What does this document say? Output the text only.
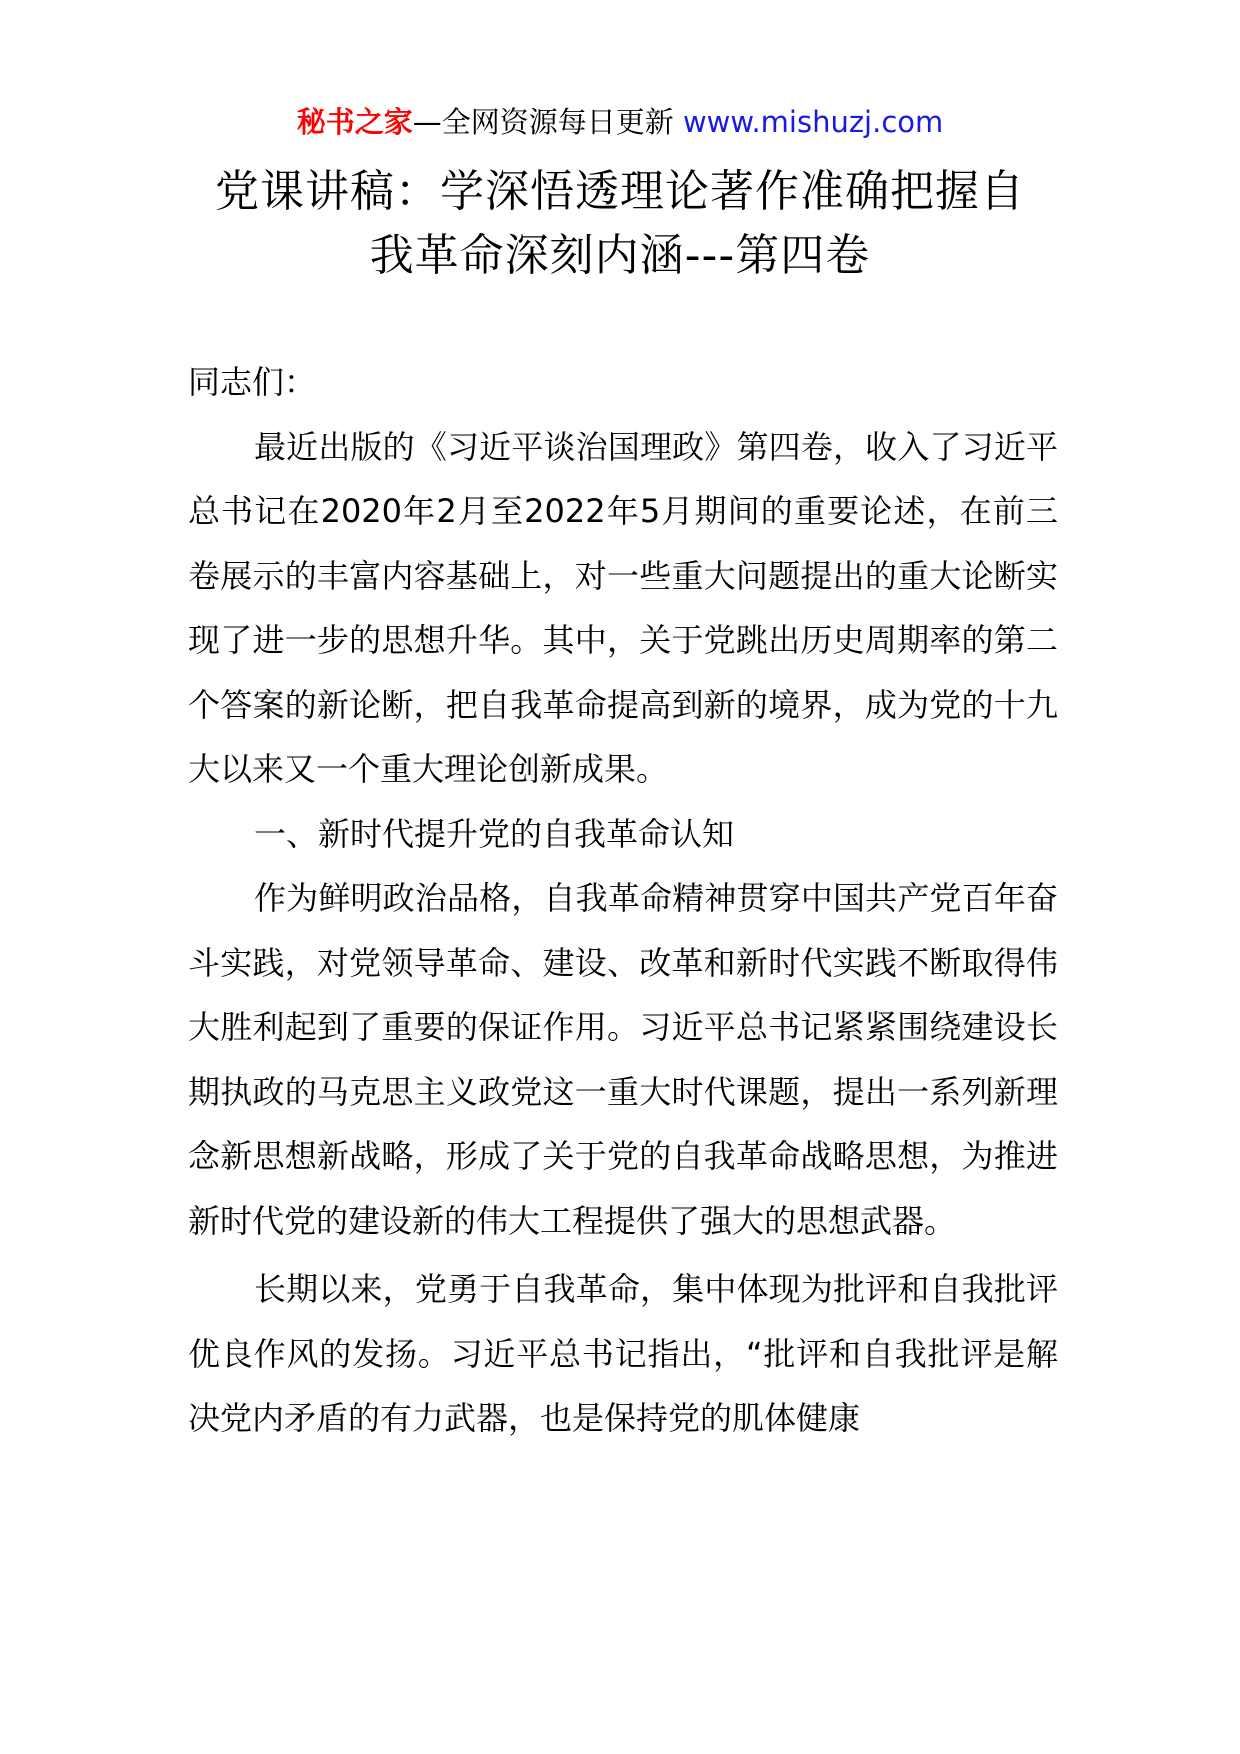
秘书之家—全网资源每日更新 www.mishuzj.com
党课讲稿：学深悟透理论著作准确把握自
我革命深刻内涵---第四卷

同志们：

最近出版的《习近平谈治国理政》第四卷，收入了习近平总书记在2020年2月至2022年5月期间的重要论述，在前三卷展示的丰富内容基础上，对一些重大问题提出的重大论断实现了进一步的思想升华。其中，关于党跳出历史周期率的第二个答案的新论断，把自我革命提高到新的境界，成为党的十九大以来又一个重大理论创新成果。

一、新时代提升党的自我革命认知

作为鲜明政治品格，自我革命精神贯穿中国共产党百年奋斗实践，对党领导革命、建设、改革和新时代实践不断取得伟大胜利起到了重要的保证作用。习近平总书记紧紧围绕建设长期执政的马克思主义政党这一重大时代课题，提出一系列新理念新思想新战略，形成了关于党的自我革命战略思想，为推进新时代党的建设新的伟大工程提供了强大的思想武器。

长期以来，党勇于自我革命，集中体现为批评和自我批评优良作风的发扬。习近平总书记指出，“批评和自我批评是解决党内矛盾的有力武器，也是保持党的肌体健康
